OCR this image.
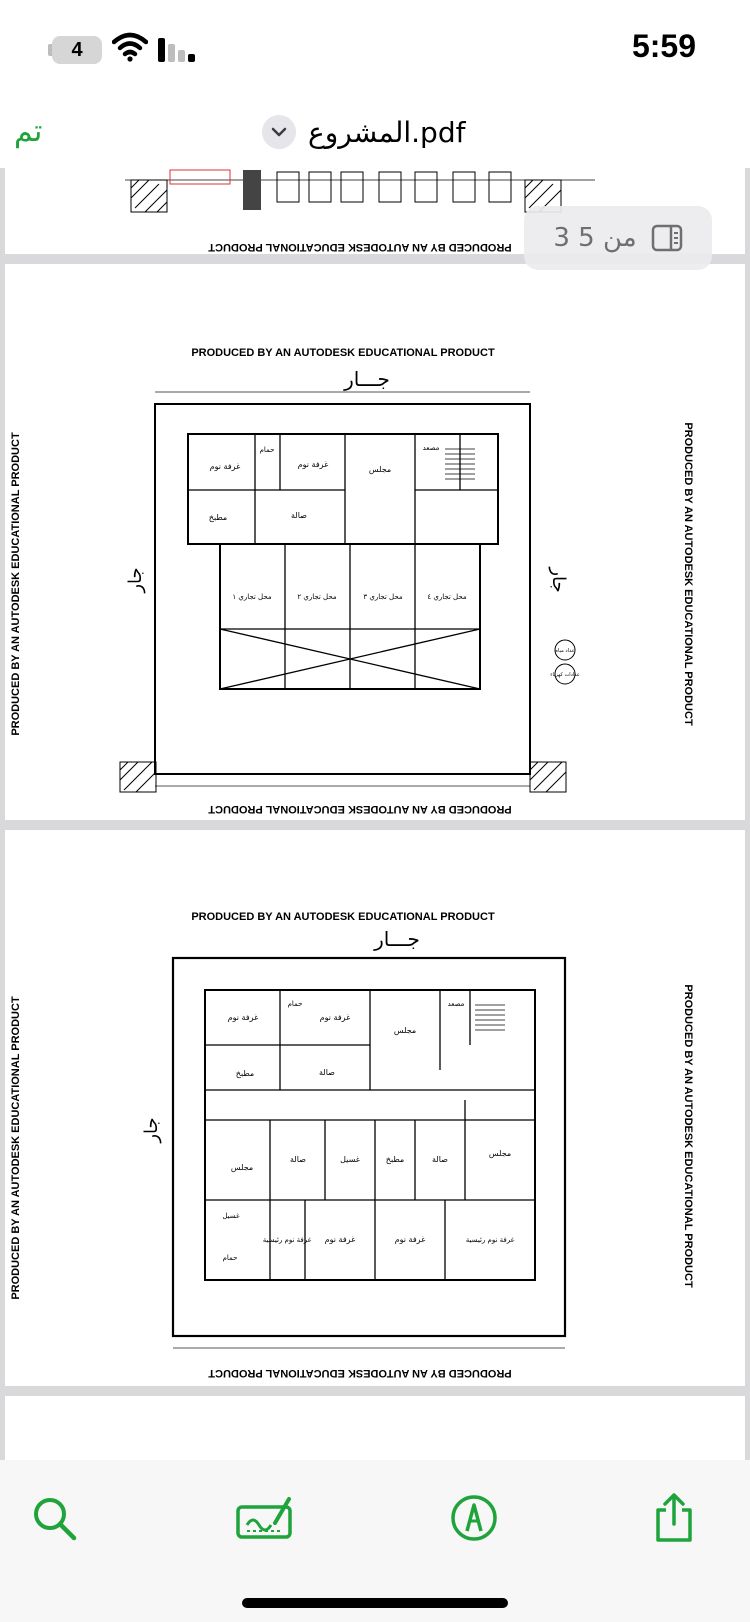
4	5:59
تم	المشروع.pdf
PRODUCED BY AN AUTODESK EDUCATIONAL PRODUCT
PRODUCED BY AN AUTODESK EDUCATIONAL PRODUCT
PRODUCED BY AN AUTODESK EDUCATIONAL PRODUCT	PRODUCED BY AN AUTODESK EDUCATIONAL PRODUCT
PRODUCED BY AN AUTODESK EDUCATIONAL PRODUCT
جـــار
جار	جار
غرفة نوم	غرفة نوم
مجلس
مطبخ	صالة
حمام	مصعد
محل تجاري ١	محل تجاري ٢	محل تجاري ٣	محل تجاري ٤
عداد مياه
عدادات كهرباء
PRODUCED BY AN AUTODESK EDUCATIONAL PRODUCT
PRODUCED BY AN AUTODESK EDUCATIONAL PRODUCT	PRODUCED BY AN AUTODESK EDUCATIONAL PRODUCT
PRODUCED BY AN AUTODESK EDUCATIONAL PRODUCT
جـــار
جار
غرفة نوم	غرفة نوم
مجلس
مطبخ	صالة
حمام	مصعد
مجلس
صالة	غسيل	مطبخ	صالة
مجلس
غرفة نوم رئيسية غرفة نوم	غرفة نوم	غرفة نوم رئيسية
حمام
غسيل
3 من 5
